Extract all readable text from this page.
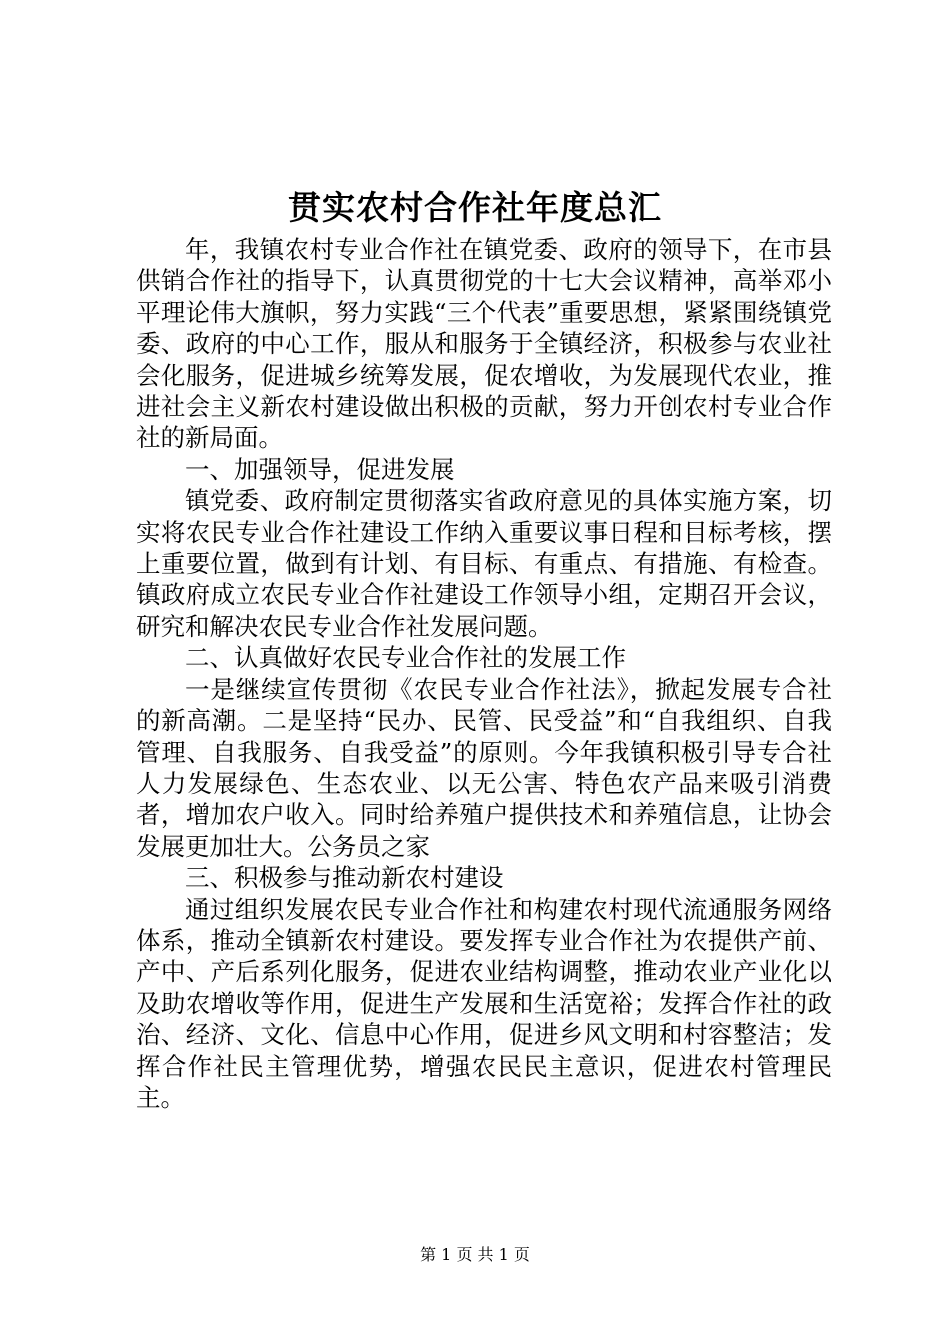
贯实农村合作社年度总汇

年，我镇农村专业合作社在镇党委、政府的领导下，在市县供销合作社的指导下，认真贯彻党的十七大会议精神，高举邓小平理论伟大旗帜，努力实践“三个代表”重要思想，紧紧围绕镇党委、政府的中心工作，服从和服务于全镇经济，积极参与农业社会化服务，促进城乡统筹发展，促农增收，为发展现代农业，推进社会主义新农村建设做出积极的贡献，努力开创农村专业合作社的新局面。

一、加强领导，促进发展

镇党委、政府制定贯彻落实省政府意见的具体实施方案，切实将农民专业合作社建设工作纳入重要议事日程和目标考核，摆上重要位置，做到有计划、有目标、有重点、有措施、有检查。镇政府成立农民专业合作社建设工作领导小组，定期召开会议，研究和解决农民专业合作社发展问题。

二、认真做好农民专业合作社的发展工作

一是继续宣传贯彻《农民专业合作社法》，掀起发展专合社的新高潮。二是坚持“民办、民管、民受益”和“自我组织、自我管理、自我服务、自我受益”的原则。今年我镇积极引导专合社人力发展绿色、生态农业、以无公害、特色农产品来吸引消费者，增加农户收入。同时给养殖户提供技术和养殖信息，让协会发展更加壮大。公务员之家

三、积极参与推动新农村建设

通过组织发展农民专业合作社和构建农村现代流通服务网络体系，推动全镇新农村建设。要发挥专业合作社为农提供产前、产中、产后系列化服务，促进农业结构调整，推动农业产业化以及助农增收等作用，促进生产发展和生活宽裕；发挥合作社的政治、经济、文化、信息中心作用，促进乡风文明和村容整洁；发挥合作社民主管理优势，增强农民民主意识，促进农村管理民主。

第 1 页 共 1 页
